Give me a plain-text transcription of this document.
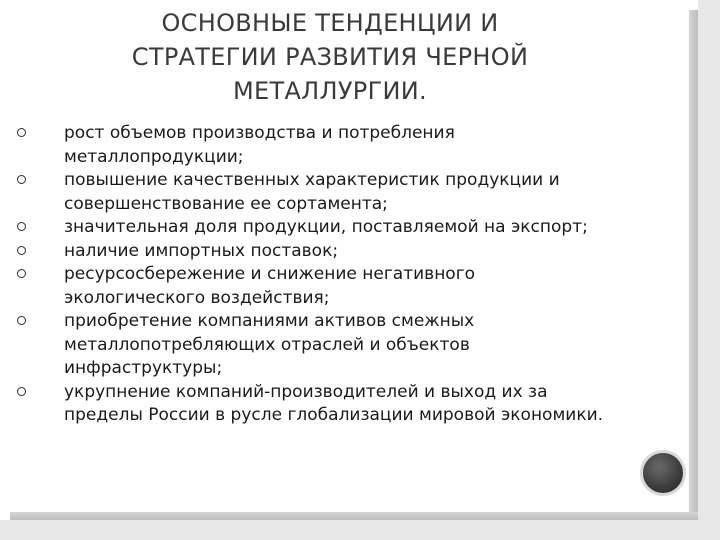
ОСНОВНЫЕ ТЕНДЕНЦИИ И
СТРАТЕГИИ РАЗВИТИЯ ЧЕРНОЙ
МЕТАЛЛУРГИИ.
рост объемов производства и потребления
металлопродукции;
повышение качественных характеристик продукции и
совершенствование ее сортамента;
значительная доля продукции, поставляемой на экспорт;
наличие импортных поставок;
ресурсосбережение и снижение негативного
экологического воздействия;
приобретение компаниями активов смежных
металлопотребляющих отраслей и объектов
инфраструктуры;
укрупнение компаний-производителей и выход их за
пределы России в русле глобализации мировой экономики.
